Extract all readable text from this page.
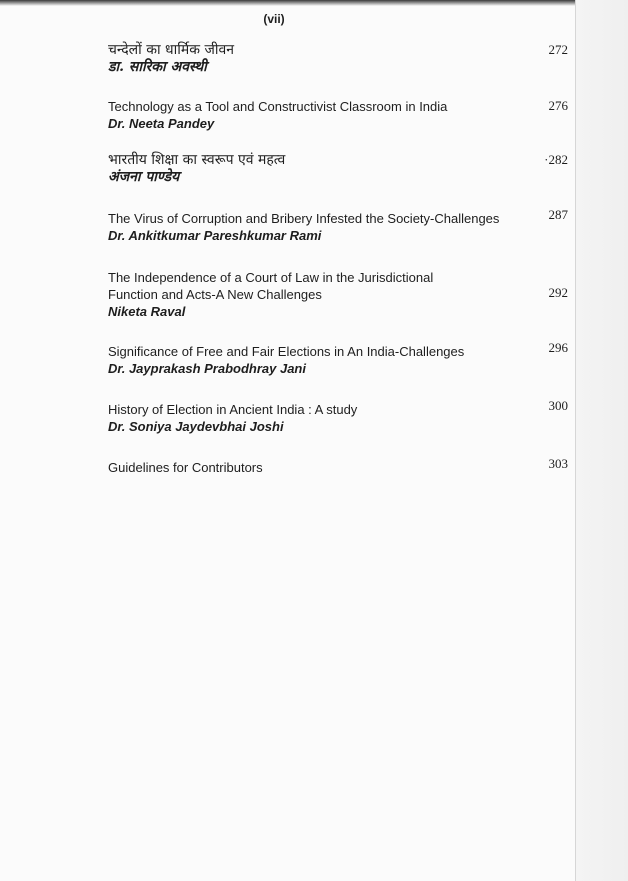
(vii)
चन्देलों का धार्मिक जीवन
डा. सारिका अवस्थी
272
Technology as a Tool and Constructivist Classroom in India
Dr. Neeta Pandey
276
भारतीय शिक्षा का स्वरूप एवं महत्व
अंजना पाण्डेय
·282
The Virus of Corruption and Bribery Infested the Society-Challenges
Dr. Ankitkumar Pareshkumar Rami
287
The Independence of a Court of Law in the Jurisdictional
Function and Acts-A New Challenges
Niketa Raval
292
Significance of Free and Fair Elections in An India-Challenges
Dr. Jayprakash Prabodhray Jani
296
History of Election in Ancient India : A study
Dr. Soniya Jaydevbhai Joshi
300
Guidelines for Contributors	303
